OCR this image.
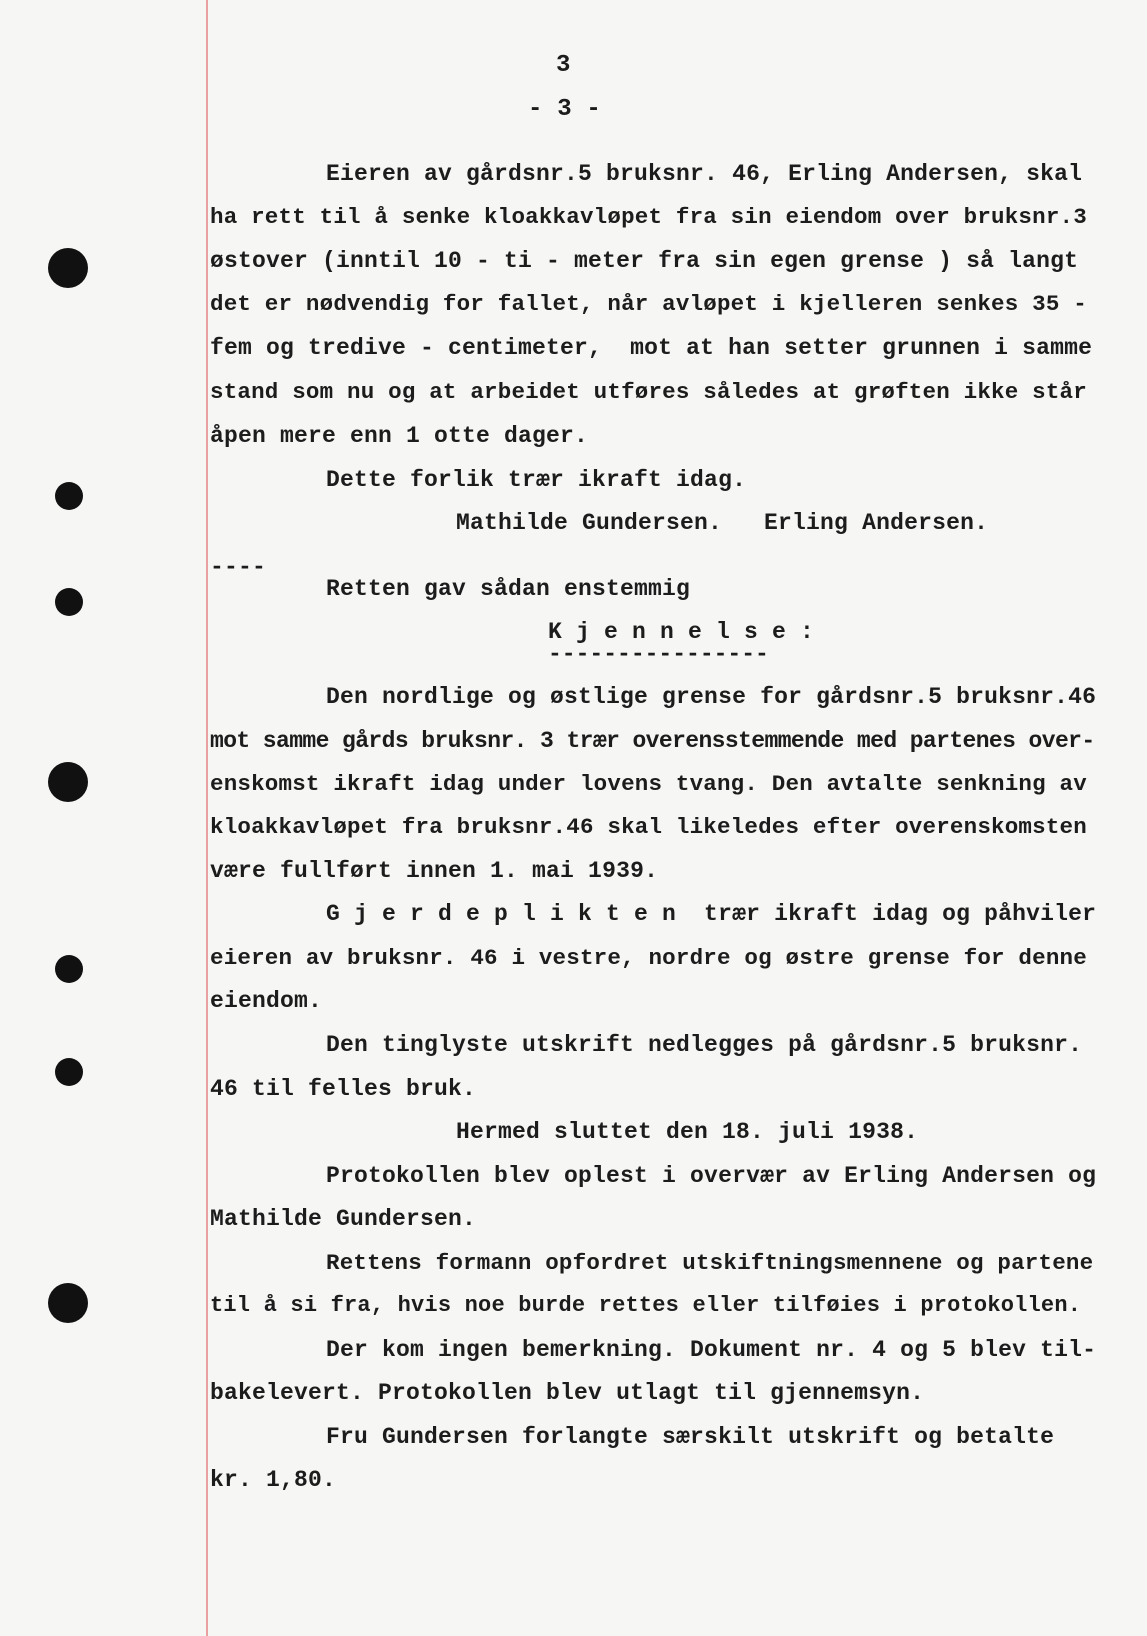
3
- 3 -
Eieren av gårdsnr.5 bruksnr. 46, Erling Andersen, skal
ha rett til å senke kloakkavløpet fra sin eiendom over bruksnr.3
østover (inntil 10 - ti - meter fra sin egen grense ) så langt
det er nødvendig for fallet, når avløpet i kjelleren senkes 35 -
fem og tredive - centimeter,  mot at han setter grunnen i samme
stand som nu og at arbeidet utføres således at grøften ikke står
åpen mere enn 1 otte dager.
Dette forlik trær ikraft idag.
Mathilde Gundersen.   Erling Andersen.
----
Retten gav sådan enstemmig
K j e n n e l s e :
----------------
Den nordlige og østlige grense for gårdsnr.5 bruksnr.46
mot samme gårds bruksnr. 3 trær overensstemmende med partenes over-
enskomst ikraft idag under lovens tvang. Den avtalte senkning av
kloakkavløpet fra bruksnr.46 skal likeledes efter overenskomsten
være fullført innen 1. mai 1939.
G j e r d e p l i k t e n  trær ikraft idag og påhviler
eieren av bruksnr. 46 i vestre, nordre og østre grense for denne
eiendom.
Den tinglyste utskrift nedlegges på gårdsnr.5 bruksnr.
46 til felles bruk.
Hermed sluttet den 18. juli 1938.
Protokollen blev oplest i overvær av Erling Andersen og
Mathilde Gundersen.
Rettens formann opfordret utskiftningsmennene og partene
til å si fra, hvis noe burde rettes eller tilføies i protokollen.
Der kom ingen bemerkning. Dokument nr. 4 og 5 blev til-
bakelevert. Protokollen blev utlagt til gjennemsyn.
Fru Gundersen forlangte særskilt utskrift og betalte
kr. 1,80.
